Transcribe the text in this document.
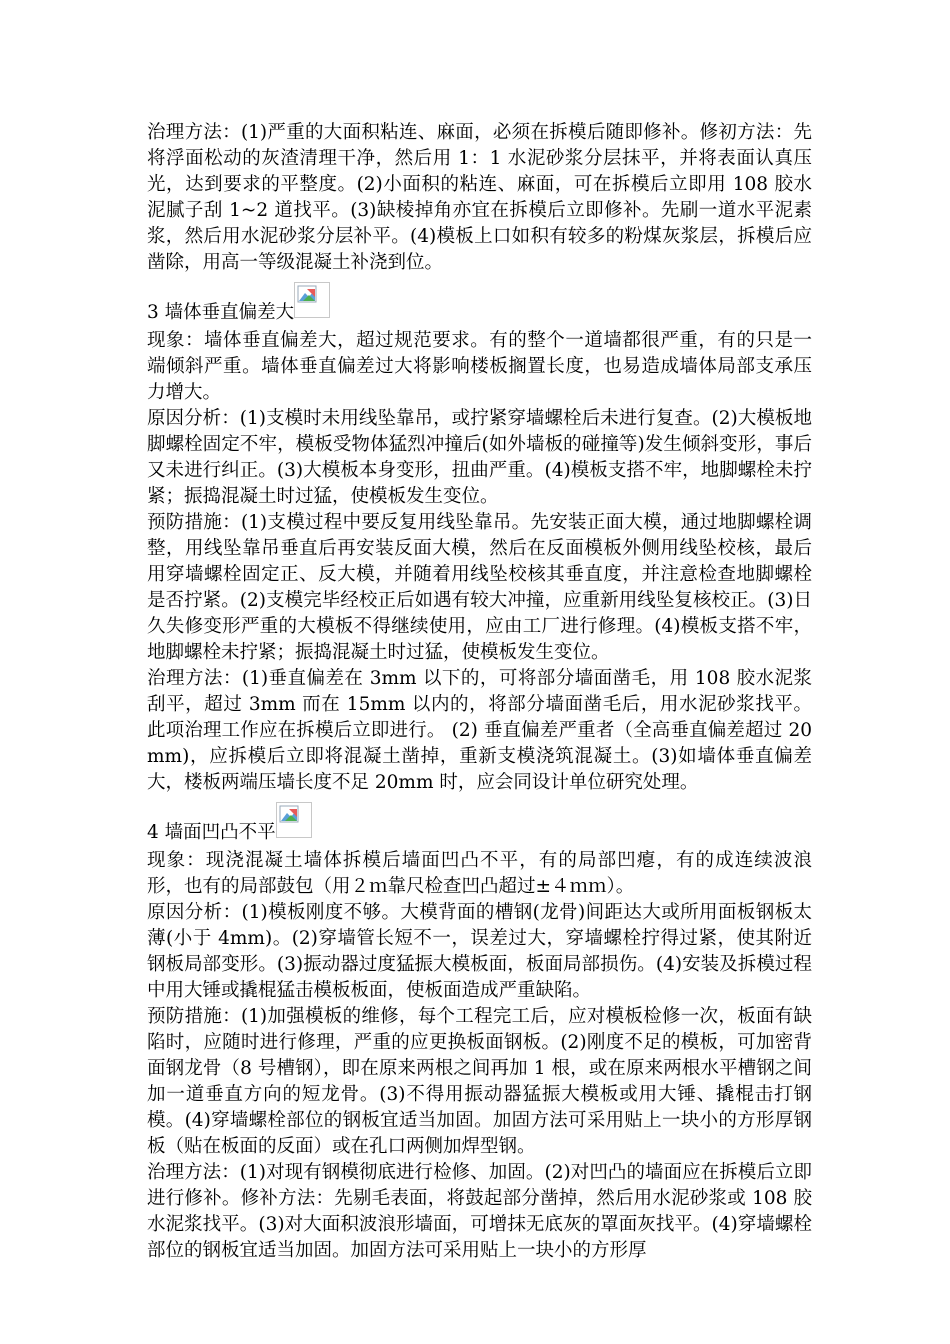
治理方法：(1)严重的大面积粘连、麻面，必须在拆模后随即修补。修初方法：先将浮面松动的灰渣清理干净，然后用 1：1 水泥砂浆分层抹平，并将表面认真压光，达到要求的平整度。(2)小面积的粘连、麻面，可在拆模后立即用 108 胶水泥腻子刮 1~2 道找平。(3)缺棱掉角亦宜在拆模后立即修补。先刷一道水平泥素浆，然后用水泥砂浆分层补平。(4)模板上口如积有较多的粉煤灰浆层，拆模后应凿除，用高一等级混凝土补浇到位。

3 墙体垂直偏差大

现象：墙体垂直偏差大，超过规范要求。有的整个一道墙都很严重，有的只是一端倾斜严重。墙体垂直偏差过大将影响楼板搁置长度，也易造成墙体局部支承压力增大。

原因分析：(1)支模时未用线坠靠吊，或拧紧穿墙螺栓后未进行复查。(2)大模板地脚螺栓固定不牢，模板受物体猛烈冲撞后(如外墙板的碰撞等)发生倾斜变形，事后又未进行纠正。(3)大模板本身变形，扭曲严重。(4)模板支搭不牢，地脚螺栓未拧紧；振捣混凝土时过猛，使模板发生变位。

预防措施：(1)支模过程中要反复用线坠靠吊。先安装正面大模，通过地脚螺栓调整，用线坠靠吊垂直后再安装反面大模，然后在反面模板外侧用线坠校核，最后用穿墙螺栓固定正、反大模，并随着用线坠校核其垂直度，并注意检查地脚螺栓是否拧紧。(2)支模完毕经校正后如遇有较大冲撞，应重新用线坠复核校正。(3)日久失修变形严重的大模板不得继续使用，应由工厂进行修理。(4)模板支搭不牢，地脚螺栓未拧紧；振捣混凝土时过猛，使模板发生变位。

治理方法：(1)垂直偏差在 3mm 以下的，可将部分墙面凿毛，用 108 胶水泥浆刮平，超过 3mm 而在 15mm 以内的，将部分墙面凿毛后，用水泥砂浆找平。此项治理工作应在拆模后立即进行。 (2) 垂直偏差严重者（全高垂直偏差超过 20mm)，应拆模后立即将混凝土凿掉，重新支模浇筑混凝土。(3)如墙体垂直偏差大，楼板两端压墙长度不足 20mm 时，应会同设计单位研究处理。

4 墙面凹凸不平

现象：现浇混凝土墙体拆模后墙面凹凸不平，有的局部凹瘪，有的成连续波浪形，也有的局部鼓包（用２ｍ靠尺检查凹凸超过±４ｍｍ）。

原因分析：(1)模板刚度不够。大模背面的槽钢(龙骨)间距达大或所用面板钢板太薄(小于 4mm)。(2)穿墙管长短不一，误差过大，穿墙螺栓拧得过紧，使其附近钢板局部变形。(3)振动器过度猛振大模板面，板面局部损伤。(4)安装及拆模过程中用大锤或撬棍猛击模板板面，使板面造成严重缺陷。

预防措施：(1)加强模板的维修，每个工程完工后，应对模板检修一次，板面有缺陷时，应随时进行修理，严重的应更换板面钢板。(2)刚度不足的模板，可加密背面钢龙骨（8 号槽钢），即在原来两根之间再加 1 根，或在原来两根水平槽钢之间加一道垂直方向的短龙骨。(3)不得用振动器猛振大模板或用大锤、撬棍击打钢模。(4)穿墙螺栓部位的钢板宜适当加固。加固方法可采用贴上一块小的方形厚钢板（贴在板面的反面）或在孔口两侧加焊型钢。

治理方法：(1)对现有钢模彻底进行检修、加固。(2)对凹凸的墙面应在拆模后立即进行修补。修补方法：先剔毛表面，将鼓起部分凿掉，然后用水泥砂浆或 108 胶水泥浆找平。(3)对大面积波浪形墙面，可增抹无底灰的罩面灰找平。(4)穿墙螺栓部位的钢板宜适当加固。加固方法可采用贴上一块小的方形厚
